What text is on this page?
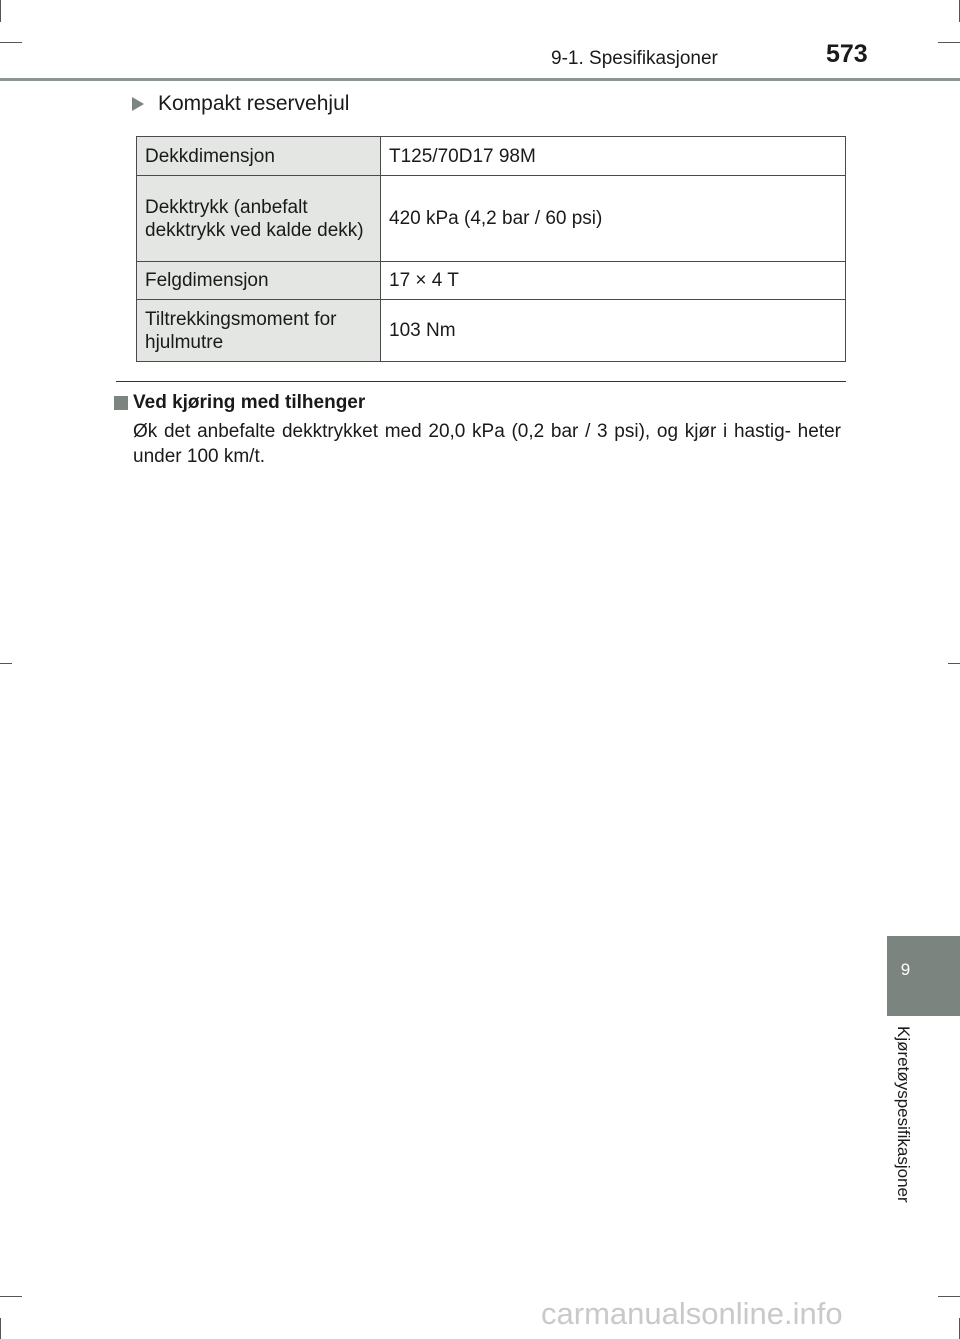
9-1. Spesifikasjoner	573
Kompakt reservehjul
Dekkdimensjon	T125/70D17 98M
Dekktrykk (anbefalt dekktrykk ved kalde dekk)	420 kPa (4,2 bar / 60 psi)
Felgdimensjon	17 × 4 T
Tiltrekkingsmoment for hjulmutre	103 Nm
Ved kjøring med tilhenger
Øk det anbefalte dekktrykket med 20,0 kPa (0,2 bar / 3 psi), og kjør i hastig- heter under 100 km/t.
9
Kjøretøyspesifikasjoner
carmanualsonline.info
